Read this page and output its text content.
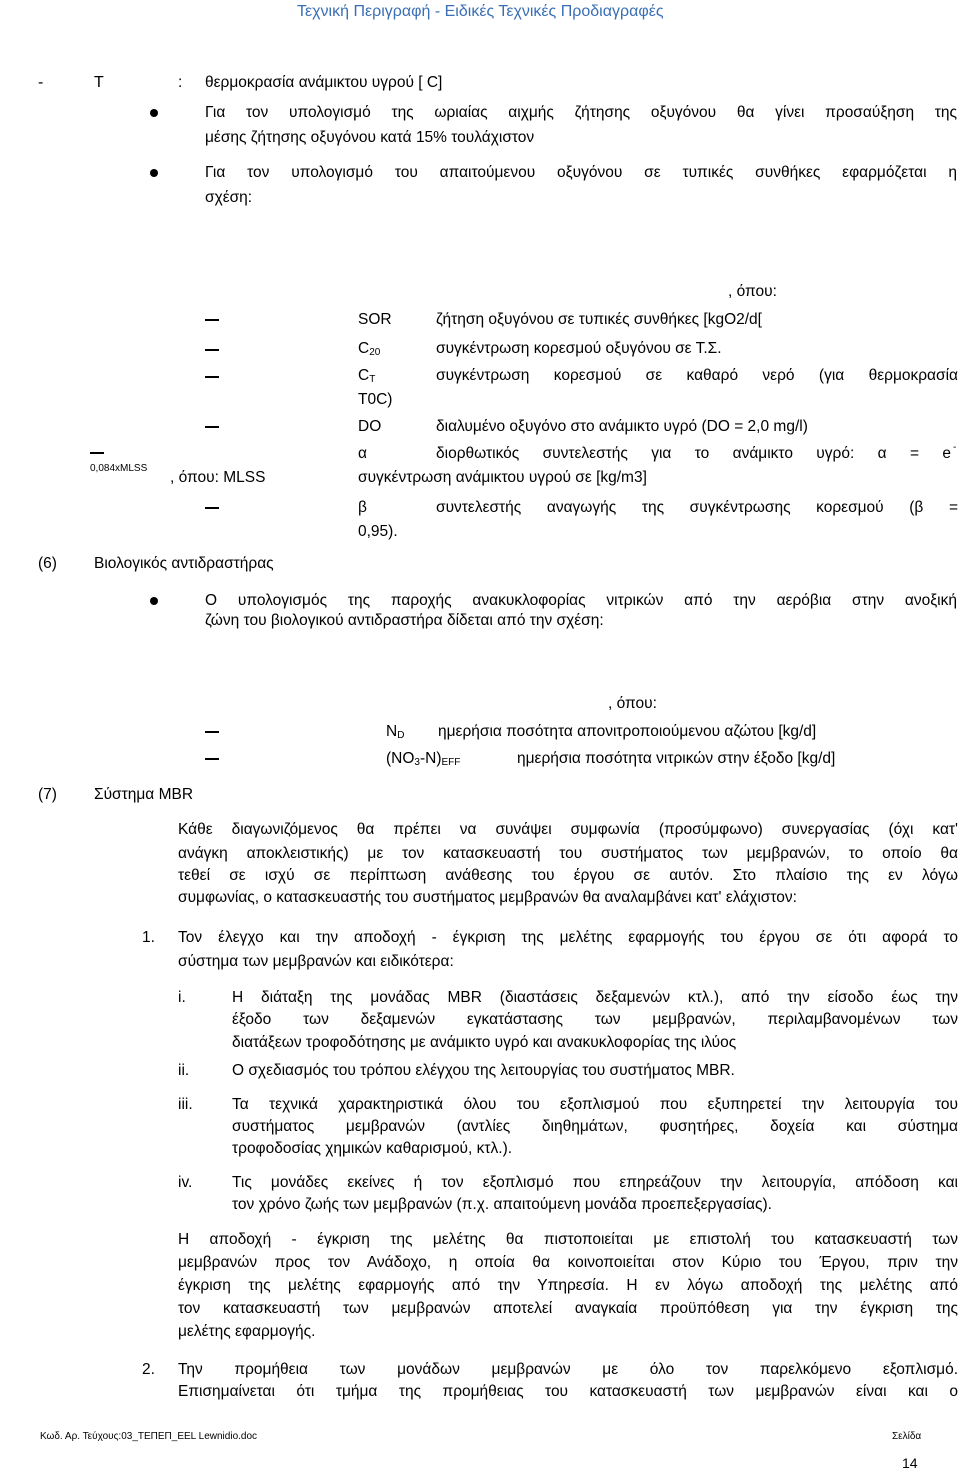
Τεχνική Περιγραφή - Ειδικές Τεχνικές Προδιαγραφές
-	T	: θερμοκρασία ανάμικτου υγρού [ C]
Για τον υπολογισμό της ωριαίας αιχμής ζήτησης οξυγόνου θα γίνει προσαύξηση της
μέσης ζήτησης οξυγόνου κατά 15% τουλάχιστον
Για τον υπολογισμό του απαιτούμενου οξυγόνου σε τυπικές συνθήκες εφαρμόζεται η
σχέση:
, όπου:
SOR	ζήτηση οξυγόνου σε τυπικές συνθήκες [kgO2/d[
$C_{20}$	συγκέντρωση κορεσμού οξυγόνου σε Τ.Σ.
$C_T$	συγκέντρωση κορεσμού σε καθαρό νερό (για θερμοκρασία
T0C)
DO	διαλυμένο οξυγόνο στο ανάμικτο υγρό (DO = 2,0 mg/l)
0,084xMLSS
, όπου: MLSS
α	διορθωτικός συντελεστής για το ανάμικτο υγρό: α = e -
συγκέντρωση ανάμικτου υγρού σε [kg/m3]
β	συντελεστής αναγωγής της συγκέντρωσης κορεσμού (β =
0,95).
(6) Βιολογικός αντιδραστήρας
Ο υπολογισμός της παροχής ανακυκλοφορίας νιτρικών από την αερόβια στην ανοξική
ζώνη του βιολογικού αντιδραστήρα δίδεται από την σχέση:
, όπου:
$N_D$ ημερήσια ποσότητα απονιτροποιούμενου αζώτου [kg/d]
$(NO_3-N)_{EFF}$	ημερήσια ποσότητα νιτρικών στην έξοδο [kg/d]
(7) Σύστημα MBR
Κάθε διαγωνιζόμενος θα πρέπει να συνάψει συμφωνία (προσύμφωνο) συνεργασίας (όχι κατ'
ανάγκη αποκλειστικής) με τον κατασκευαστή του συστήματος των μεμβρανών, το οποίο θα
τεθεί σε ισχύ σε περίπτωση ανάθεσης του έργου σε αυτόν. Στο πλαίσιο της εν λόγω
συμφωνίας, ο κατασκευαστής του συστήματος μεμβρανών θα αναλαμβάνει κατ' ελάχιστον:
1. Τον έλεγχο και την αποδοχή - έγκριση της μελέτης εφαρμογής του έργου σε ότι αφορά το
σύστημα των μεμβρανών και ειδικότερα:
i.	Η διάταξη της μονάδας MBR (διαστάσεις δεξαμενών κτλ.), από την είσοδο έως την
έξοδο των δεξαμενών εγκατάστασης των μεμβρανών, περιλαμβανομένων των
διατάξεων τροφοδότησης με ανάμικτο υγρό και ανακυκλοφορίας της ιλύος
ii.	Ο σχεδιασμός του τρόπου ελέγχου της λειτουργίας του συστήματος MBR.
iii.	Τα τεχνικά χαρακτηριστικά όλου του εξοπλισμού που εξυπηρετεί την λειτουργία του
συστήματος μεμβρανών (αντλίες διηθημάτων, φυσητήρες, δοχεία και σύστημα
τροφοδοσίας χημικών καθαρισμού, κτλ.).
iv.	Τις μονάδες εκείνες ή τον εξοπλισμό που επηρεάζουν την λειτουργία, απόδοση και
τον χρόνο ζωής των μεμβρανών (π.χ. απαιτούμενη μονάδα προεπεξεργασίας).
Η αποδοχή - έγκριση της μελέτης θα πιστοποιείται με επιστολή του κατασκευαστή των
μεμβρανών προς τον Ανάδοχο, η οποία θα κοινοποιείται στον Κύριο του Έργου, πριν την
έγκριση της μελέτης εφαρμογής από την Υπηρεσία. Η εν λόγω αποδοχή της μελέτης από
τον κατασκευαστή των μεμβρανών αποτελεί αναγκαία προϋπόθεση για την έγκριση της
μελέτης εφαρμογής.
2. Την προμήθεια των μονάδων μεμβρανών με όλο τον παρελκόμενο εξοπλισμό.
Επισημαίνεται ότι τμήμα της προμήθειας του κατασκευαστή των μεμβρανών είναι και ο
Κωδ. Αρ. Τεύχους:03_ΤΕΠΕΠ_EEL Lewnidio.doc	Σελίδα
14
